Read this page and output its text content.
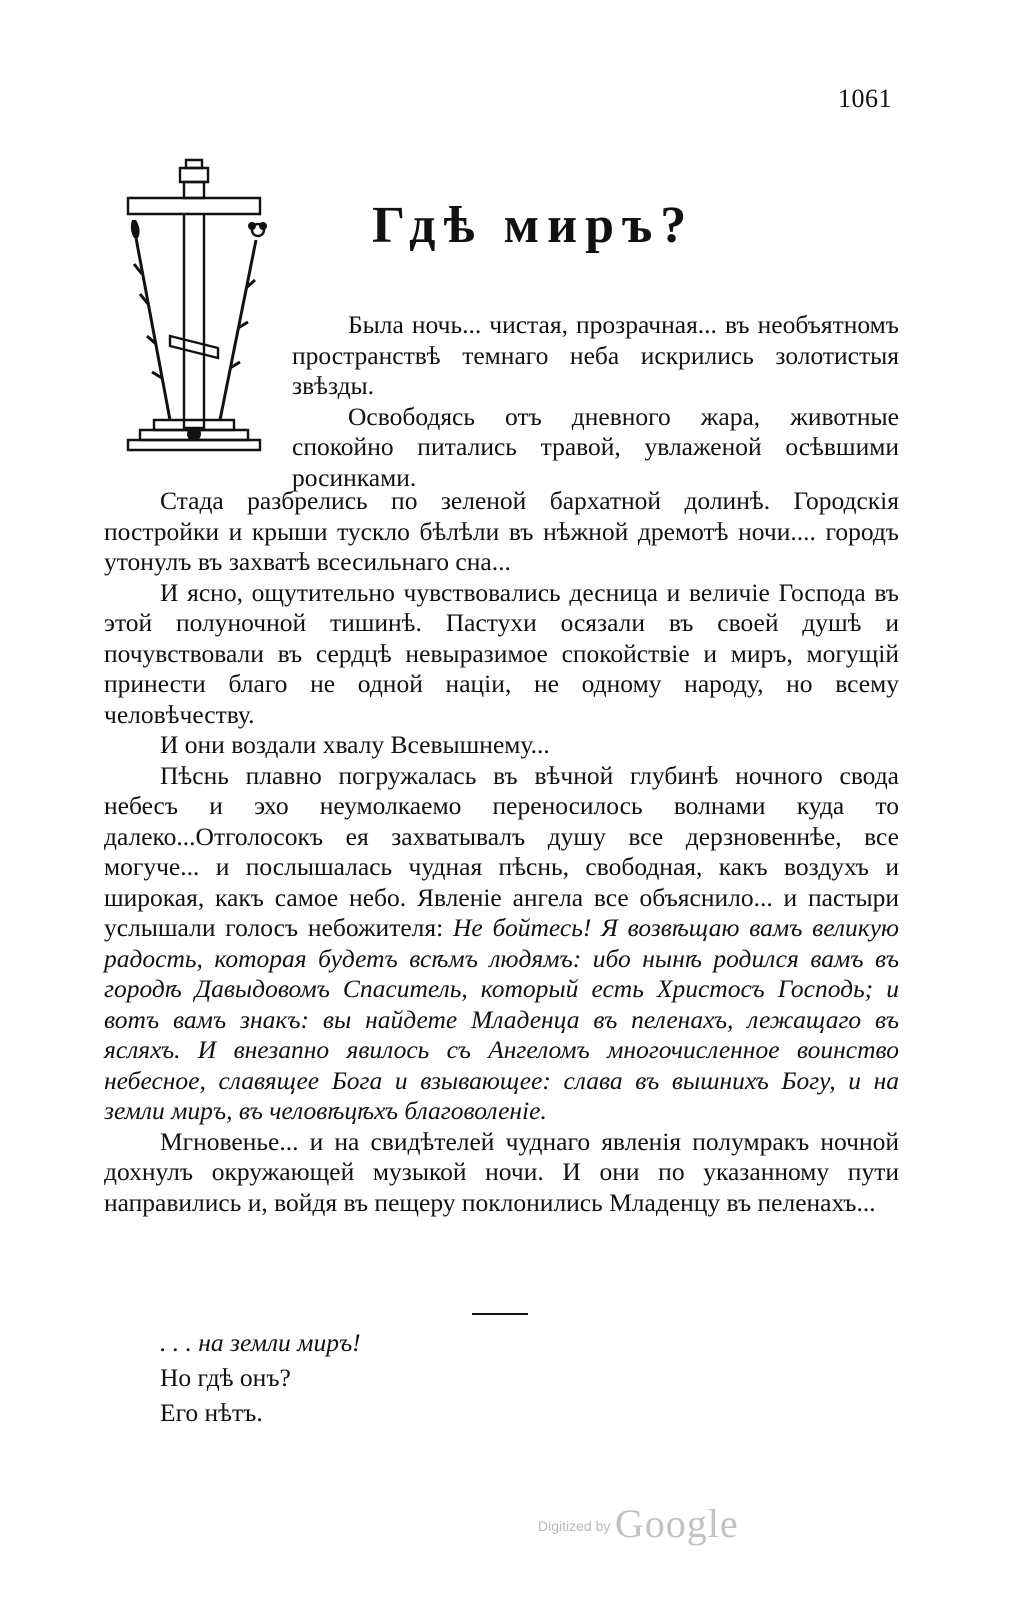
1061
Гдѣ миръ?

Была ночь... чистая, прозрачная... въ необъятномъ пространствѣ темнаго неба искрились золотистыя звѣзды.

Освободясь отъ дневного жара, животные спокойно питались травой, увлаженой осѣвшими росинками.

Стада разбрелись по зеленой бархатной долинѣ. Городскія постройки и крыши тускло бѣлѣли въ нѣжной дремотѣ ночи.... городъ утонулъ въ захватѣ всесильнаго сна...

И ясно, ощутительно чувствовались десница и величіе Господа въ этой полуночной тишинѣ. Пастухи осязали въ своей душѣ и почувствовали въ сердцѣ невыразимое спокойствіе и миръ, могущій принести благо не одной націи, не одному народу, но всему человѣчеству.

И они воздали хвалу Всевышнему...

Пѣснь плавно погружалась въ вѣчной глубинѣ ночного свода небесъ и эхо неумолкаемо переносилось волнами куда то далеко...Отголосокъ ея захватывалъ душу все дерзновеннѣе, все могуче... и послышалась чудная пѣснь, свободная, какъ воздухъ и широкая, какъ самое небо. Явленіе ангела все объяснило... и пастыри услышали голосъ небожителя: Не бойтесь! Я возвѣщаю вамъ великую радость, которая будетъ всѣмъ людямъ: ибо нынѣ родился вамъ въ городѣ Давыдовомъ Спаситель, который есть Христосъ Господь; и вотъ вамъ знакъ: вы найдете Младенца въ пеленахъ, лежащаго въ ясляхъ. И внезапно явилось съ Ангеломъ многочисленное воинство небесное, славящее Бога и взывающее: слава въ вышнихъ Богу, и на земли миръ, въ человѣцѣхъ благоволеніе.

Мгновенье... и на свидѣтелей чуднаго явленія полумракъ ночной дохнулъ окружающей музыкой ночи. И они по указанному пути направились и, войдя въ пещеру поклонились Младенцу въ пеленахъ...

. . . на земли миръ!
Но гдѣ онъ?
Его нѣтъ.
Digitized by Google
